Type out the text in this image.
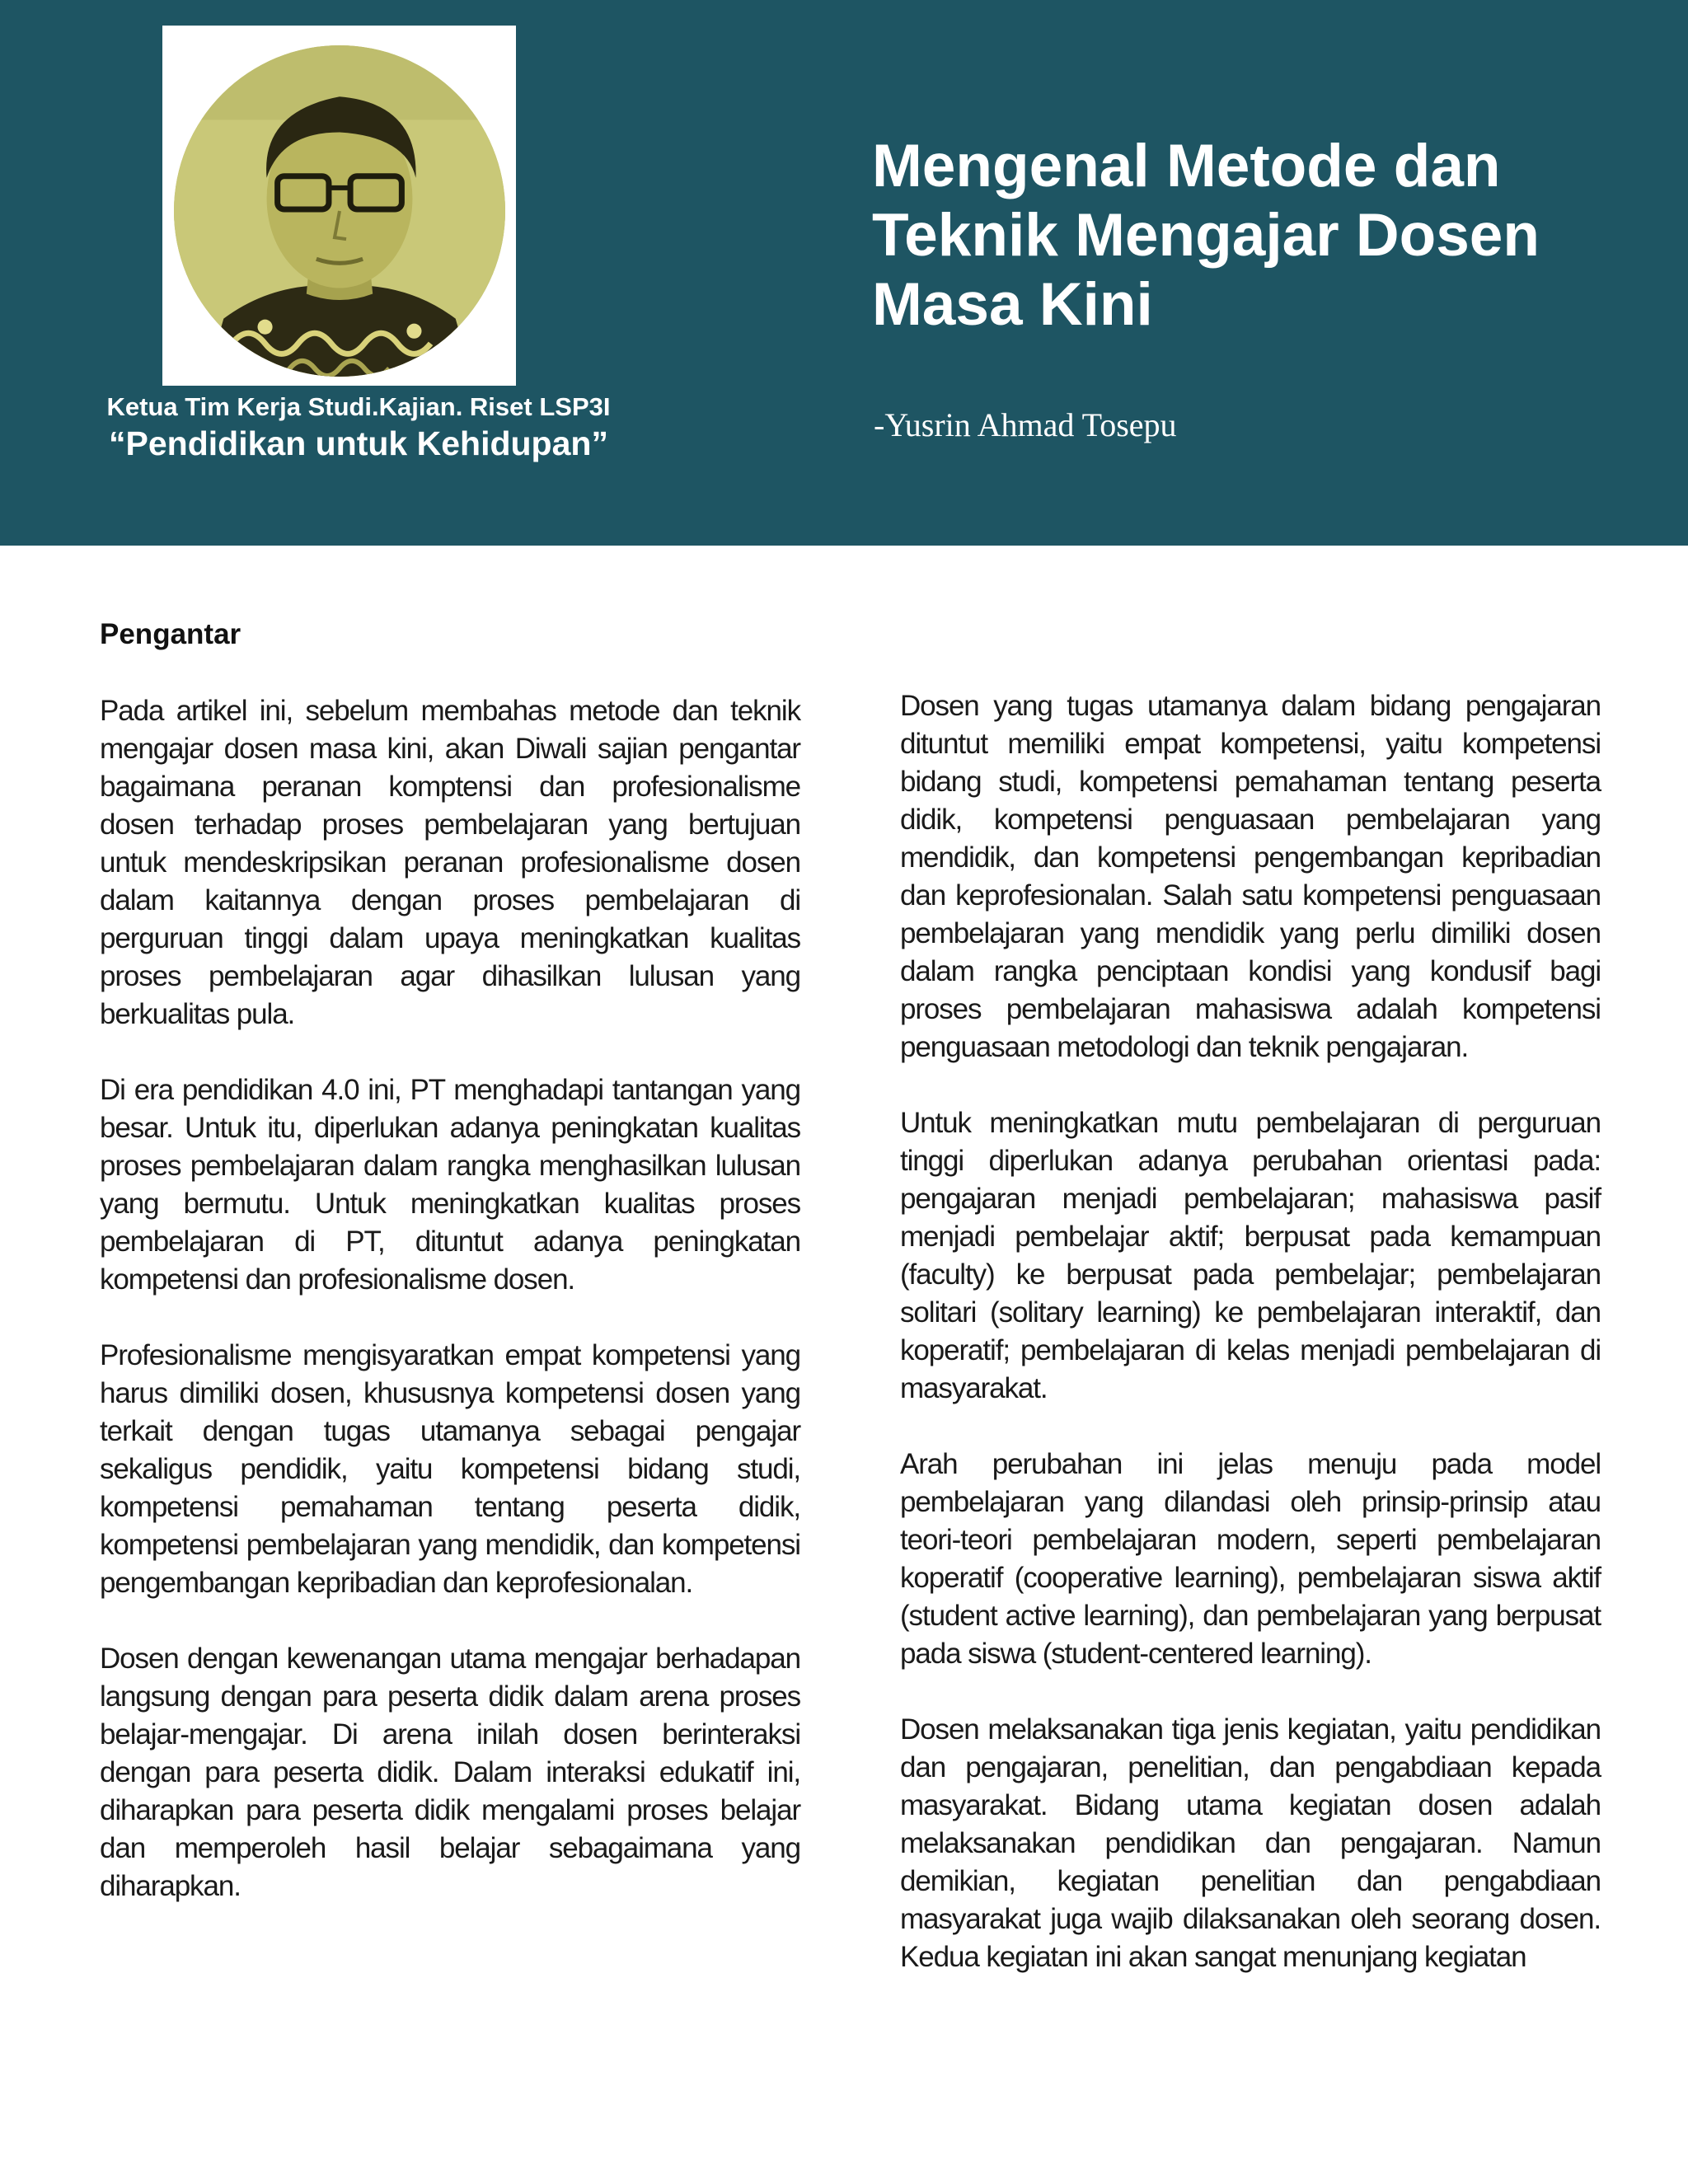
Ketua Tim Kerja Studi.Kajian. Riset LSP3I
“Pendidikan untuk Kehidupan”
Mengenal Metode dan Teknik Mengajar Dosen Masa Kini
-Yusrin Ahmad Tosepu
Pengantar

Pada artikel ini, sebelum membahas metode dan teknik mengajar dosen masa kini, akan Diwali sajian pengantar bagaimana peranan komptensi dan profesionalisme dosen terhadap proses pembelajaran yang bertujuan untuk mendeskripsikan peranan profesionalisme dosen dalam kaitannya dengan proses pembelajaran di perguruan tinggi dalam upaya meningkatkan kualitas proses pembelajaran agar dihasilkan lulusan yang berkualitas pula.

Di era pendidikan 4.0 ini, PT menghadapi tantangan yang besar. Untuk itu, diperlukan adanya peningkatan kualitas proses pembelajaran dalam rangka menghasilkan lulusan yang bermutu. Untuk meningkatkan kualitas proses pembelajaran di PT, dituntut adanya peningkatan kompetensi dan profesionalisme dosen.

Profesionalisme mengisyaratkan empat kompetensi yang harus dimiliki dosen, khususnya kompetensi dosen yang terkait dengan tugas utamanya sebagai pengajar sekaligus pendidik, yaitu kompetensi bidang studi, kompetensi pemahaman tentang peserta didik, kompetensi pembelajaran yang mendidik, dan kompetensi pengembangan kepribadian dan keprofesionalan.

Dosen dengan kewenangan utama mengajar berhadapan langsung dengan para peserta didik dalam arena proses belajar-mengajar. Di arena inilah dosen berinteraksi dengan para peserta didik. Dalam interaksi edukatif ini, diharapkan para peserta didik mengalami proses belajar dan memperoleh hasil belajar sebagaimana yang diharapkan.

Dosen yang tugas utamanya dalam bidang pengajaran dituntut memiliki empat kompetensi, yaitu kompetensi bidang studi, kompetensi pemahaman tentang peserta didik, kompetensi penguasaan pembelajaran yang mendidik, dan kompetensi pengembangan kepribadian dan keprofesionalan. Salah satu kompetensi penguasaan pembelajaran yang mendidik yang perlu dimiliki dosen dalam rangka penciptaan kondisi yang kondusif bagi proses pembelajaran mahasiswa adalah kompetensi penguasaan metodologi dan teknik pengajaran.

Untuk meningkatkan mutu pembelajaran di perguruan tinggi diperlukan adanya perubahan orientasi pada: pengajaran menjadi pembelajaran; mahasiswa pasif menjadi pembelajar aktif; berpusat pada kemampuan (faculty) ke berpusat pada pembelajar; pembelajaran solitari (solitary learning) ke pembelajaran interaktif, dan koperatif; pembelajaran di kelas menjadi pembelajaran di masyarakat.

Arah perubahan ini jelas menuju pada model pembelajaran yang dilandasi oleh prinsip-prinsip atau teori-teori pembelajaran modern, seperti pembelajaran koperatif (cooperative learning), pembelajaran siswa aktif (student active learning), dan pembelajaran yang berpusat pada siswa (student-centered learning).

Dosen melaksanakan tiga jenis kegiatan, yaitu pendidikan dan pengajaran, penelitian, dan pengabdiaan kepada masyarakat. Bidang utama kegiatan dosen adalah melaksanakan pendidikan dan pengajaran. Namun demikian, kegiatan penelitian dan pengabdiaan masyarakat juga wajib dilaksanakan oleh seorang dosen. Kedua kegiatan ini akan sangat menunjang kegiatan
